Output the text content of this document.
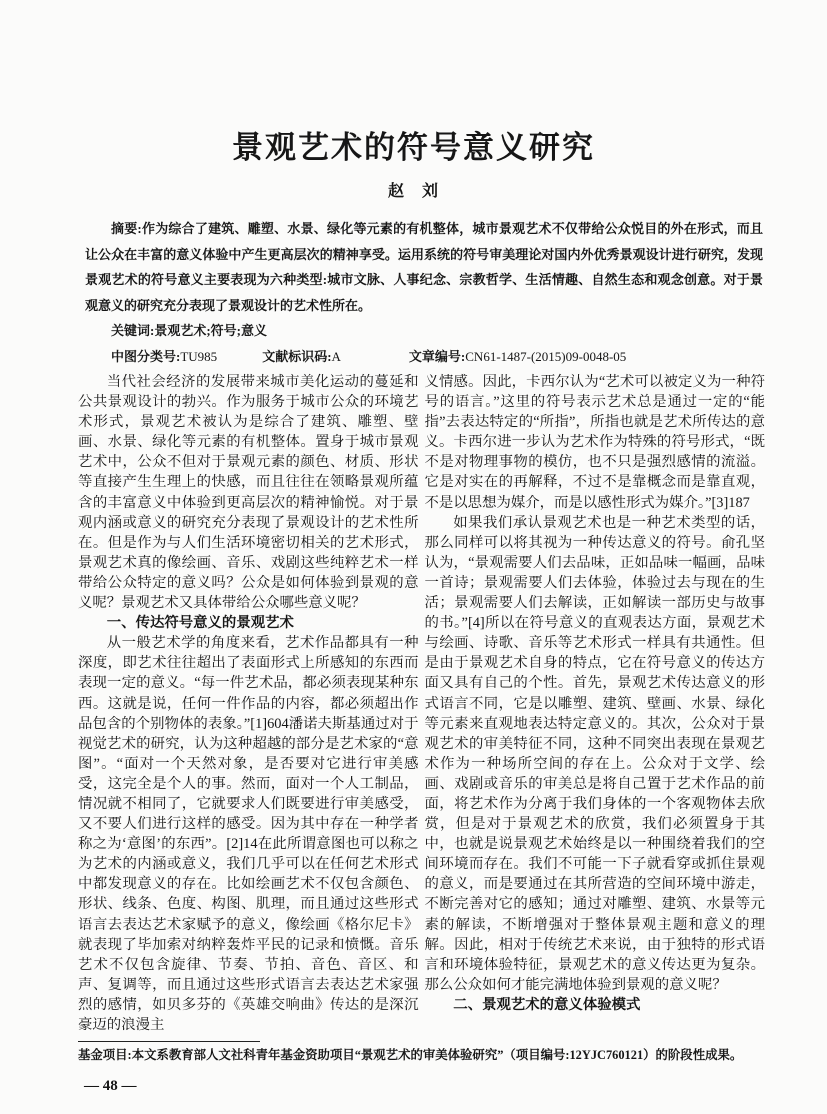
景观艺术的符号意义研究
赵　刘

摘要:作为综合了建筑、雕塑、水景、绿化等元素的有机整体，城市景观艺术不仅带给公众悦目的外在形式，而且让公众在丰富的意义体验中产生更高层次的精神享受。运用系统的符号审美理论对国内外优秀景观设计进行研究，发现景观艺术的符号意义主要表现为六种类型:城市文脉、人事纪念、宗教哲学、生活情趣、自然生态和观念创意。对于景观意义的研究充分表现了景观设计的艺术性所在。

关键词:景观艺术;符号;意义

中图分类号:TU985	文献标识码:A	文章编号:CN61-1487-(2015)09-0048-05

当代社会经济的发展带来城市美化运动的蔓延和公共景观设计的勃兴。作为服务于城市公众的环境艺术形式，景观艺术被认为是综合了建筑、雕塑、壁画、水景、绿化等元素的有机整体。置身于城市景观艺术中，公众不但对于景观元素的颜色、材质、形状等直接产生生理上的快感，而且往往在领略景观所蕴含的丰富意义中体验到更高层次的精神愉悦。对于景观内涵或意义的研究充分表现了景观设计的艺术性所在。但是作为与人们生活环境密切相关的艺术形式，景观艺术真的像绘画、音乐、戏剧这些纯粹艺术一样带给公众特定的意义吗？公众是如何体验到景观的意义呢？景观艺术又具体带给公众哪些意义呢？

一、传达符号意义的景观艺术

从一般艺术学的角度来看，艺术作品都具有一种深度，即艺术往往超出了表面形式上所感知的东西而表现一定的意义。“每一件艺术品，都必须表现某种东西。这就是说，任何一件作品的内容，都必须超出作品包含的个别物体的表象。”[1]604潘诺夫斯基通过对于视觉艺术的研究，认为这种超越的部分是艺术家的“意图”。“面对一个天然对象，是否要对它进行审美感受，这完全是个人的事。然而，面对一个人工制品，情况就不相同了，它就要求人们既要进行审美感受，又不要人们进行这样的感受。因为其中存在一种学者称之为‘意图’的东西”。[2]14在此所谓意图也可以称之为艺术的内涵或意义，我们几乎可以在任何艺术形式中都发现意义的存在。比如绘画艺术不仅包含颜色、形状、线条、色度、构图、肌理，而且通过这些形式语言去表达艺术家赋予的意义，像绘画《格尔尼卡》就表现了毕加索对纳粹轰炸平民的记录和愤慨。音乐艺术不仅包含旋律、节奏、节拍、音色、音区、和声、复调等，而且通过这些形式语言去表达艺术家强烈的感情，如贝多芬的《英雄交响曲》传达的是深沉豪迈的浪漫主

义情感。因此，卡西尔认为“艺术可以被定义为一种符号的语言。”这里的符号表示艺术总是通过一定的“能指”去表达特定的“所指”，所指也就是艺术所传达的意义。卡西尔进一步认为艺术作为特殊的符号形式，“既不是对物理事物的模仿，也不只是强烈感情的流溢。它是对实在的再解释，不过不是靠概念而是靠直观，不是以思想为媒介，而是以感性形式为媒介。”[3]187

如果我们承认景观艺术也是一种艺术类型的话，那么同样可以将其视为一种传达意义的符号。俞孔坚认为，“景观需要人们去品味，正如品味一幅画，品味一首诗；景观需要人们去体验，体验过去与现在的生活；景观需要人们去解读，正如解读一部历史与故事的书。”[4]所以在符号意义的直观表达方面，景观艺术与绘画、诗歌、音乐等艺术形式一样具有共通性。但是由于景观艺术自身的特点，它在符号意义的传达方面又具有自己的个性。首先，景观艺术传达意义的形式语言不同，它是以雕塑、建筑、壁画、水景、绿化等元素来直观地表达特定意义的。其次，公众对于景观艺术的审美特征不同，这种不同突出表现在景观艺术作为一种场所空间的存在上。公众对于文学、绘画、戏剧或音乐的审美总是将自己置于艺术作品的前面，将艺术作为分离于我们身体的一个客观物体去欣赏，但是对于景观艺术的欣赏，我们必须置身于其中，也就是说景观艺术始终是以一种围绕着我们的空间环境而存在。我们不可能一下子就看穿或抓住景观的意义，而是要通过在其所营造的空间环境中游走，不断完善对它的感知；通过对雕塑、建筑、水景等元素的解读，不断增强对于整体景观主题和意义的理解。因此，相对于传统艺术来说，由于独特的形式语言和环境体验特征，景观艺术的意义传达更为复杂。那么公众如何才能完满地体验到景观的意义呢？

二、景观艺术的意义体验模式

基金项目:本文系教育部人文社科青年基金资助项目“景观艺术的审美体验研究”（项目编号:12YJC760121）的阶段性成果。

— 48 —
